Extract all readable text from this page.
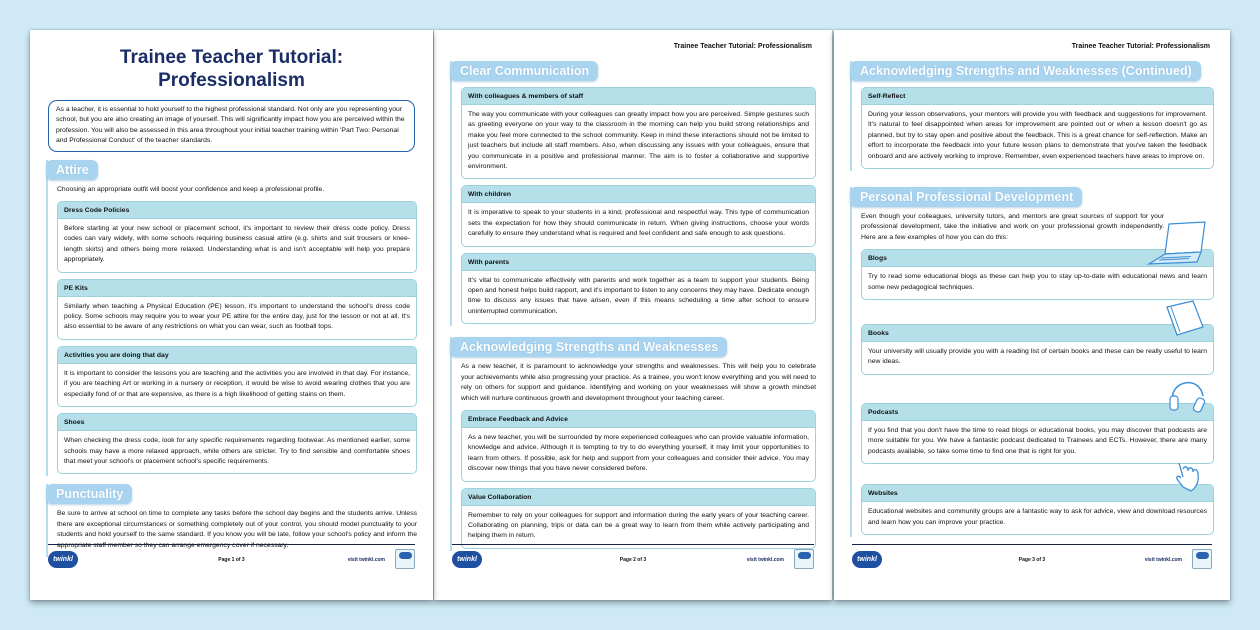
Trainee Teacher Tutorial:
Professionalism
As a teacher, it is essential to hold yourself to the highest professional standard. Not only are you representing your school, but you are also creating an image of yourself. This will significantly impact how you are perceived within the profession. You will also be assessed in this area throughout your initial teacher training within 'Part Two: Personal and Professional Conduct' of the teacher standards.
Attire

Choosing an appropriate outfit will boost your confidence and keep a professional profile.

Dress Code Policies
Before starting at your new school or placement school, it's important to review their dress code policy. Dress codes can vary widely, with some schools requiring business casual attire (e.g. shirts and suit trousers or knee-length skirts) and others being more relaxed. Understanding what is and isn't acceptable will help you prepare appropriately.
PE Kits
Similarly when teaching a Physical Education (PE) lesson, it's important to understand the school's dress code policy. Some schools may require you to wear your PE attire for the entire day, just for the lesson or not at all. It's also essential to be aware of any restrictions on what you can wear, such as football tops.
Activities you are doing that day
It is important to consider the lessons you are teaching and the activities you are involved in that day. For instance, if you are teaching Art or working in a nursery or reception, it would be wise to avoid wearing clothes that you are especially fond of or that are expensive, as there is a high likelihood of getting stains on them.
Shoes
When checking the dress code, look for any specific requirements regarding footwear. As mentioned earlier, some schools may have a more relaxed approach, while others are stricter. Try to find sensible and comfortable shoes that meet your school's or placement school's specific requirements.
Punctuality

Be sure to arrive at school on time to complete any tasks before the school day begins and the students arrive. Unless there are exceptional circumstances or something completely out of your control, you should model punctuality to your students and hold yourself to the same standard. If you know you will be late, follow your school's policy and inform the appropriate staff member so they can arrange emergency cover if necessary.

twinkl	Page 1 of 3	visit twinkl.com
Trainee Teacher Tutorial: Professionalism
Clear Communication
With colleagues & members of staff
The way you communicate with your colleagues can greatly impact how you are perceived. Simple gestures such as greeting everyone on your way to the classroom in the morning can help you build strong relationships and make you feel more connected to the school community. Keep in mind these interactions should not be limited to just teachers but include all staff members. Also, when discussing any issues with your colleagues, ensure that you communicate in a positive and professional manner. The aim is to foster a collaborative and supportive environment.
With children
It is imperative to speak to your students in a kind, professional and respectful way. This type of communication sets the expectation for how they should communicate in return. When giving instructions, choose your words carefully to ensure they understand what is required and feel confident and safe enough to ask questions.
With parents
It's vital to communicate effectively with parents and work together as a team to support your students. Being open and honest helps build rapport, and it's important to listen to any concerns they may have. Dedicate enough time to discuss any issues that have arisen, even if this means scheduling a time after school to ensure uninterrupted communication.
Acknowledging Strengths and Weaknesses

As a new teacher, it is paramount to acknowledge your strengths and weaknesses. This will help you to celebrate your achievements while also progressing your practice. As a trainee, you won't know everything and you will need to rely on others for support and guidance. Identifying and working on your weaknesses will show a growth mindset which will nurture continuous growth and development throughout your teaching career.

Embrace Feedback and Advice
As a new teacher, you will be surrounded by more experienced colleagues who can provide valuable information, knowledge and advice. Although it is tempting to try to do everything yourself, it may limit your opportunities to learn from others. If possible, ask for help and support from your colleagues and consider their advice. You may discover new things that you have never considered before.
Value Collaboration
Remember to rely on your colleagues for support and information during the early years of your teaching career. Collaborating on planning, trips or data can be a great way to learn from them while actively participating and helping them in return.
twinkl	Page 2 of 3	visit twinkl.com
Trainee Teacher Tutorial: Professionalism
Acknowledging Strengths and Weaknesses (Continued)
Self-Reflect
During your lesson observations, your mentors will provide you with feedback and suggestions for improvement. It's natural to feel disappointed when areas for improvement are pointed out or when a lesson doesn't go as planned, but try to stay open and positive about the feedback. This is a great chance for self-reflection. Make an effort to incorporate the feedback into your future lesson plans to demonstrate that you've taken the feedback onboard and are actively working to improve. Remember, even experienced teachers have areas to improve on.
Personal Professional Development

Even though your colleagues, university tutors, and mentors are great sources of support for your professional development, take the initiative and work on your professional growth independently. Here are a few examples of how you can do this:

Blogs
Try to read some educational blogs as these can help you to stay up-to-date with educational news and learn some new pedagogical techniques.
Books
Your university will usually provide you with a reading list of certain books and these can be really useful to learn new ideas.
Podcasts
If you find that you don't have the time to read blogs or educational books, you may discover that podcasts are more suitable for you. We have a fantastic podcast dedicated to Trainees and ECTs. However, there are many podcasts available, so take some time to find one that is right for you.
Websites
Educational websites and community groups are a fantastic way to ask for advice, view and download resources and learn how you can improve your practice.
twinkl	Page 3 of 3	visit twinkl.com
